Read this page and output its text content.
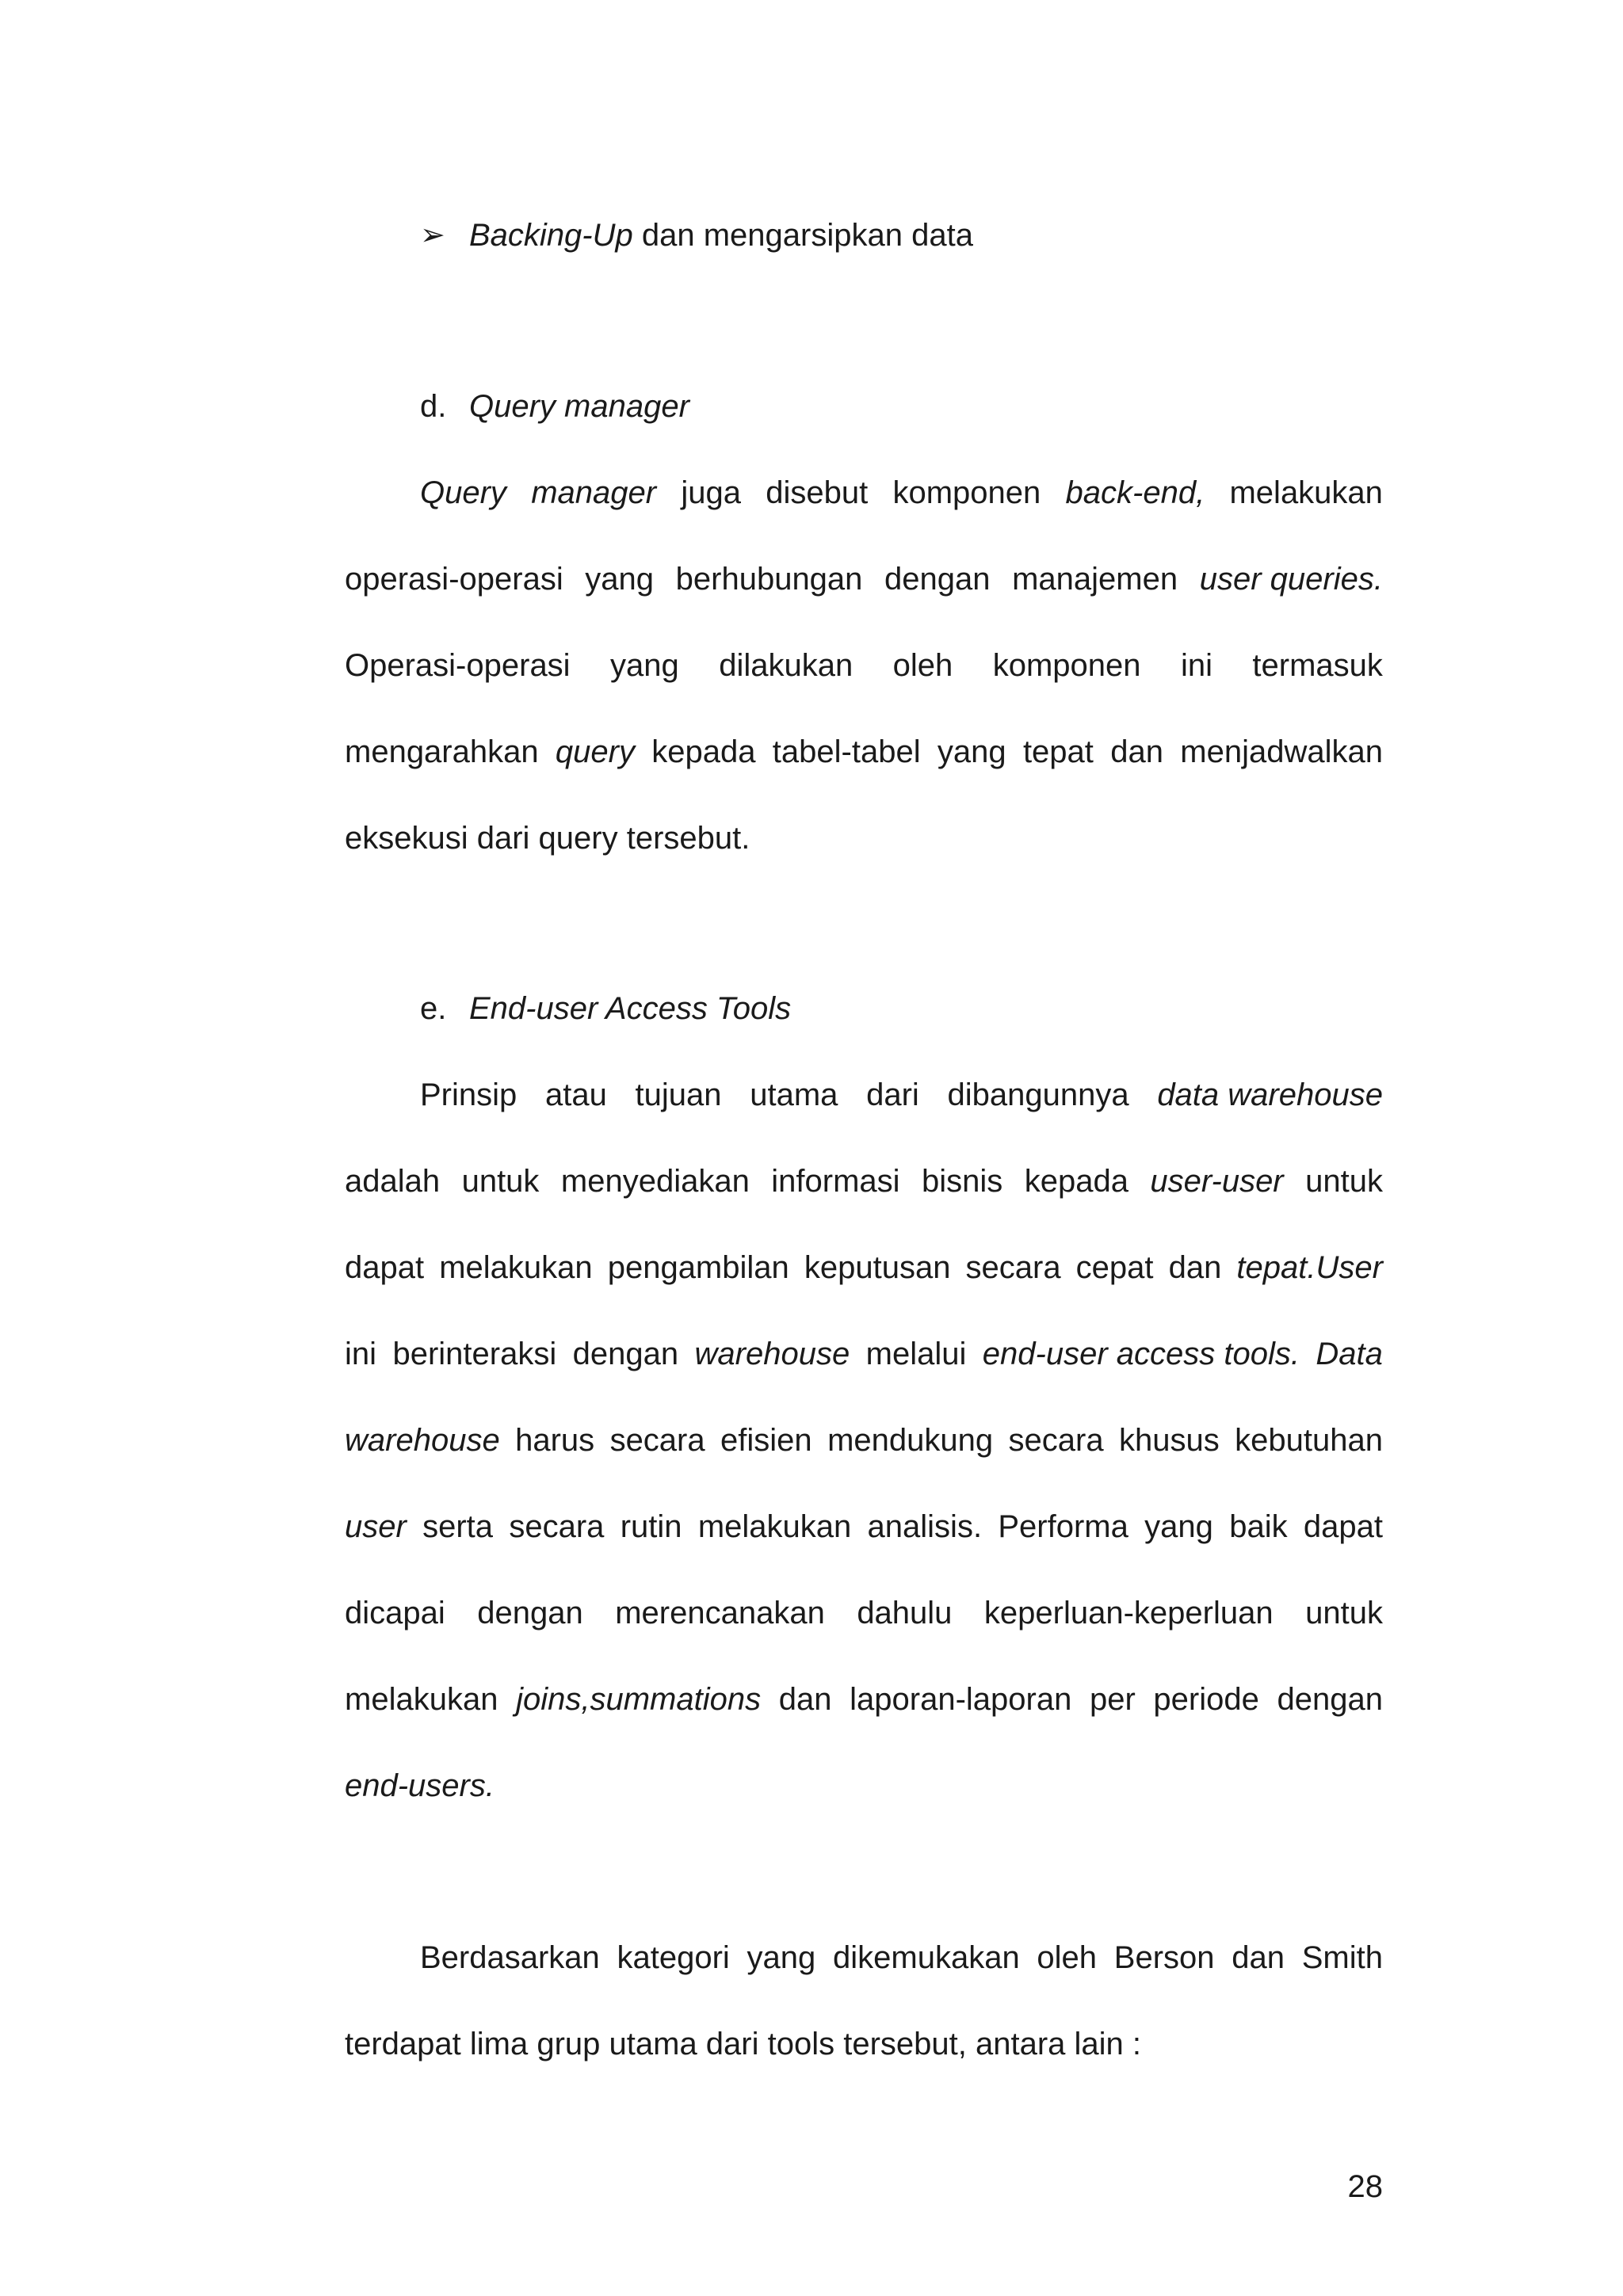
➢ Backing-Up dan mengarsipkan data
d. Query manager
Query manager juga disebut komponen back-end, melakukan
operasi-operasi yang berhubungan dengan manajemen user queries.
Operasi-operasi yang dilakukan oleh komponen ini termasuk
mengarahkan query kepada tabel-tabel yang tepat dan menjadwalkan
eksekusi dari query tersebut.
e. End-user Access Tools
Prinsip atau tujuan utama dari dibangunnya data warehouse
adalah untuk menyediakan informasi bisnis kepada user-user untuk
dapat melakukan pengambilan keputusan secara cepat dan tepat.User
ini berinteraksi dengan warehouse melalui end-user access tools. Data
warehouse harus secara efisien mendukung secara khusus kebutuhan
user serta secara rutin melakukan analisis. Performa yang baik dapat
dicapai dengan merencanakan dahulu keperluan-keperluan untuk
melakukan joins,summations dan laporan-laporan per periode dengan
end-users.
Berdasarkan kategori yang dikemukakan oleh Berson dan Smith
terdapat lima grup utama dari tools tersebut, antara lain :
28
